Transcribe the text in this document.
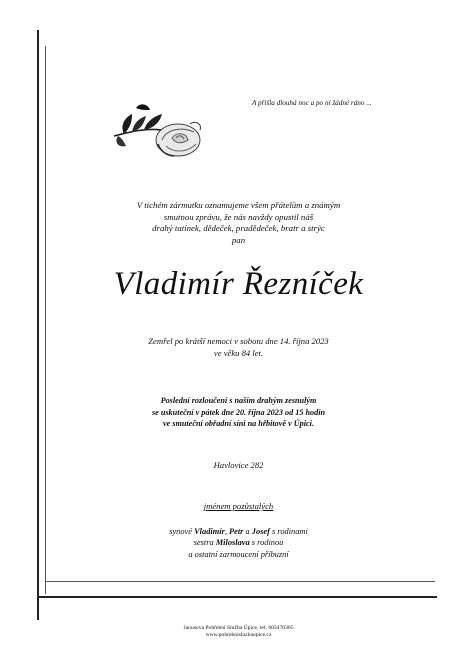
A přišla dlouhá noc a po ní žádné ráno ...
V tichém zármutku oznamujeme všem přátelům a známým
smutnou zprávu, že nás navždy opustil náš
drahý tatínek, dědeček, pradědeček, bratr a strýc
pan
Vladimír Řezníček
Zemřel po krátší nemoci v sobotu dne 14. října 2023
ve věku 84 let.
Poslední rozloučení s naším drahým zesnulým
se uskuteční v pátek dne 20. října 2023 od 15 hodin
ve smuteční obřadní síni na hřbitově v Úpici.
Havlovice 282
jménem pozůstalých
synové Vladimír, Petr a Josef s rodinami
sestra Miloslava s rodinou
a ostatní zarmoucení příbuzní
Janusova Pohřební Služba Úpice, tel: 603470305
www.pohrebnisluzbaupice.cz
